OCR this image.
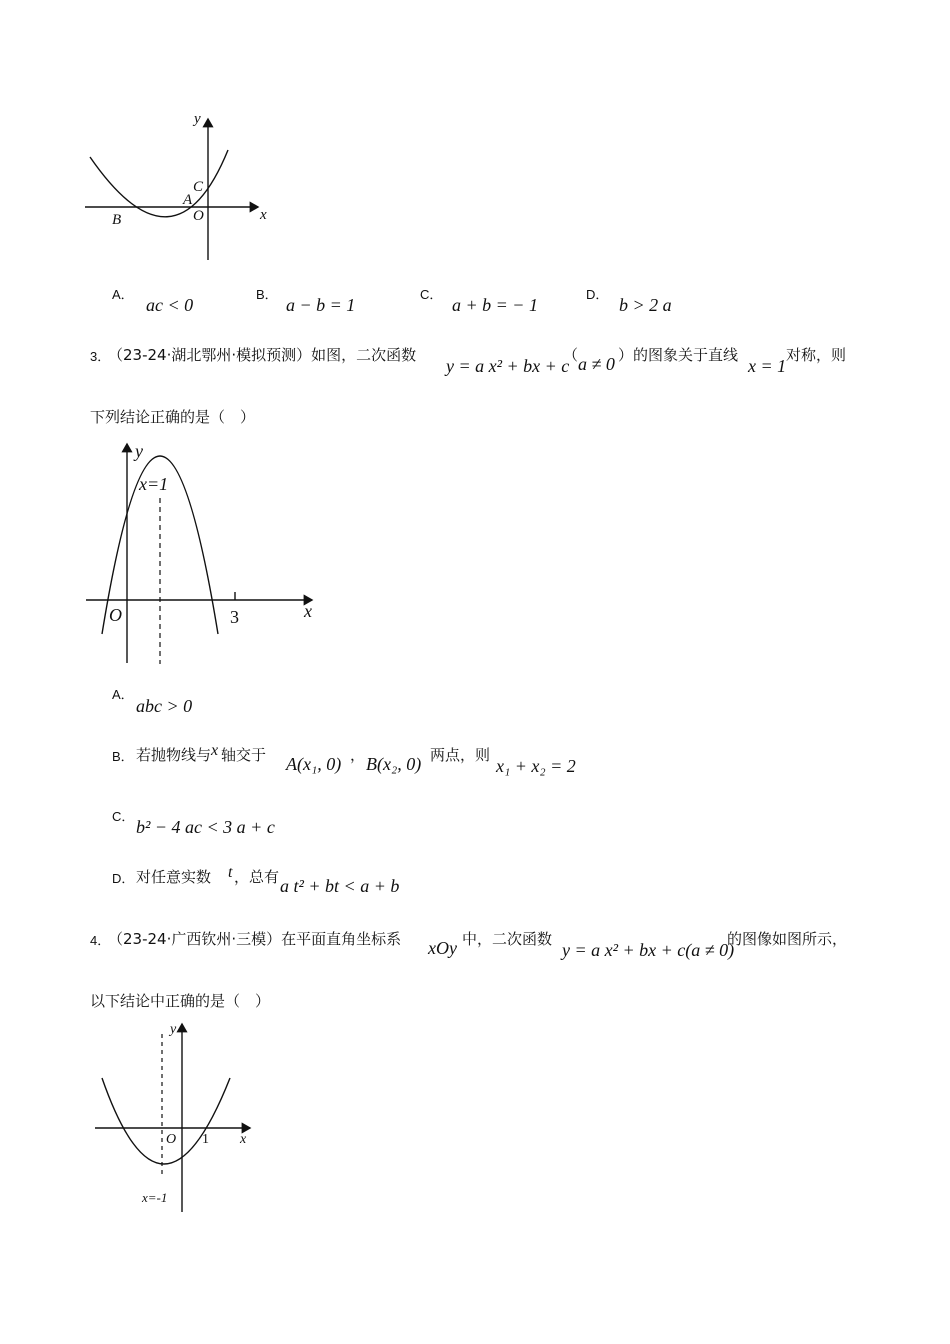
y
x
C
A
O
B
A．
ac < 0
B．
a − b = 1
C．
a + b = − 1
D．
b > 2 a
3．
（23-24·湖北鄂州·模拟预测）如图，二次函数
y = a x² + bx + c
（ a ≠ 0 ）的图象关于直线
x = 1
对称，则
下列结论正确的是（　）
y
x=1
O	3	x
A．
abc > 0
B． 若抛物线与 x 轴交于 A(x₁, 0) ， B(x₂, 0) 两点，则
x₁ + x₂ = 2
C．
b² − 4 ac < 3 a + c
D． 对任意实数 t ，总有 a t² + bt < a + b
4．
（23-24·广西钦州·三模）在平面直角坐标系 xOy 中，二次函数
y = a x² + bx + c(a ≠ 0)
的图像如图所示，
以下结论中正确的是（　）
y
x
O 1
x=-1
